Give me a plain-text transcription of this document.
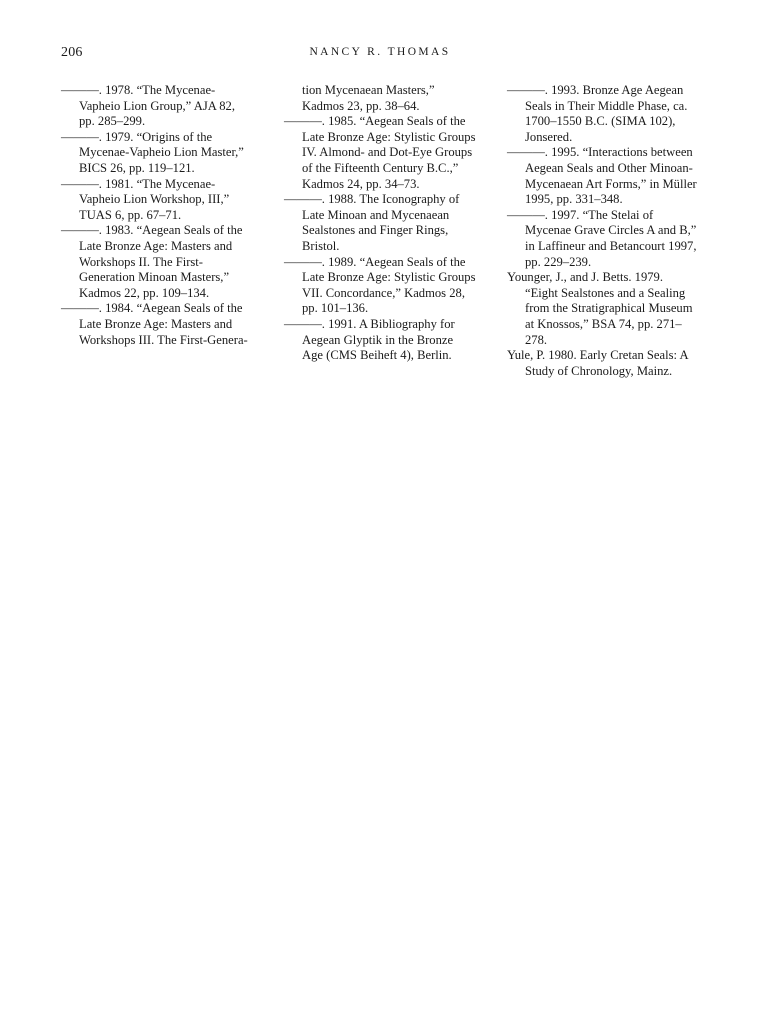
206	NANCY R. THOMAS

———. 1978. “The Mycenae-Vapheio Lion Group,” AJA 82, pp. 285–299.

———. 1979. “Origins of the Mycenae-Vapheio Lion Master,” BICS 26, pp. 119–121.

———. 1981. “The Mycenae-Vapheio Lion Workshop, III,” TUAS 6, pp. 67–71.

———. 1983. “Aegean Seals of the Late Bronze Age: Masters and Workshops II. The First-Generation Minoan Masters,” Kadmos 22, pp. 109–134.

———. 1984. “Aegean Seals of the Late Bronze Age: Masters and Workshops III. The First-Genera-

tion Mycenaean Masters,” Kadmos 23, pp. 38–64.

———. 1985. “Aegean Seals of the Late Bronze Age: Stylistic Groups IV. Almond- and Dot-Eye Groups of the Fifteenth Century B.C.,” Kadmos 24, pp. 34–73.

———. 1988. The Iconography of Late Minoan and Mycenaean Sealstones and Finger Rings, Bristol.

———. 1989. “Aegean Seals of the Late Bronze Age: Stylistic Groups VII. Concordance,” Kadmos 28, pp. 101–136.

———. 1991. A Bibliography for Aegean Glyptik in the Bronze Age (CMS Beiheft 4), Berlin.

———. 1993. Bronze Age Aegean Seals in Their Middle Phase, ca. 1700–1550 B.C. (SIMA 102), Jonsered.

———. 1995. “Interactions between Aegean Seals and Other Minoan-Mycenaean Art Forms,” in Müller 1995, pp. 331–348.

———. 1997. “The Stelai of Mycenae Grave Circles A and B,” in Laffineur and Betancourt 1997, pp. 229–239.

Younger, J., and J. Betts. 1979. “Eight Sealstones and a Sealing from the Stratigraphical Museum at Knossos,” BSA 74, pp. 271–278.

Yule, P. 1980. Early Cretan Seals: A Study of Chronology, Mainz.
